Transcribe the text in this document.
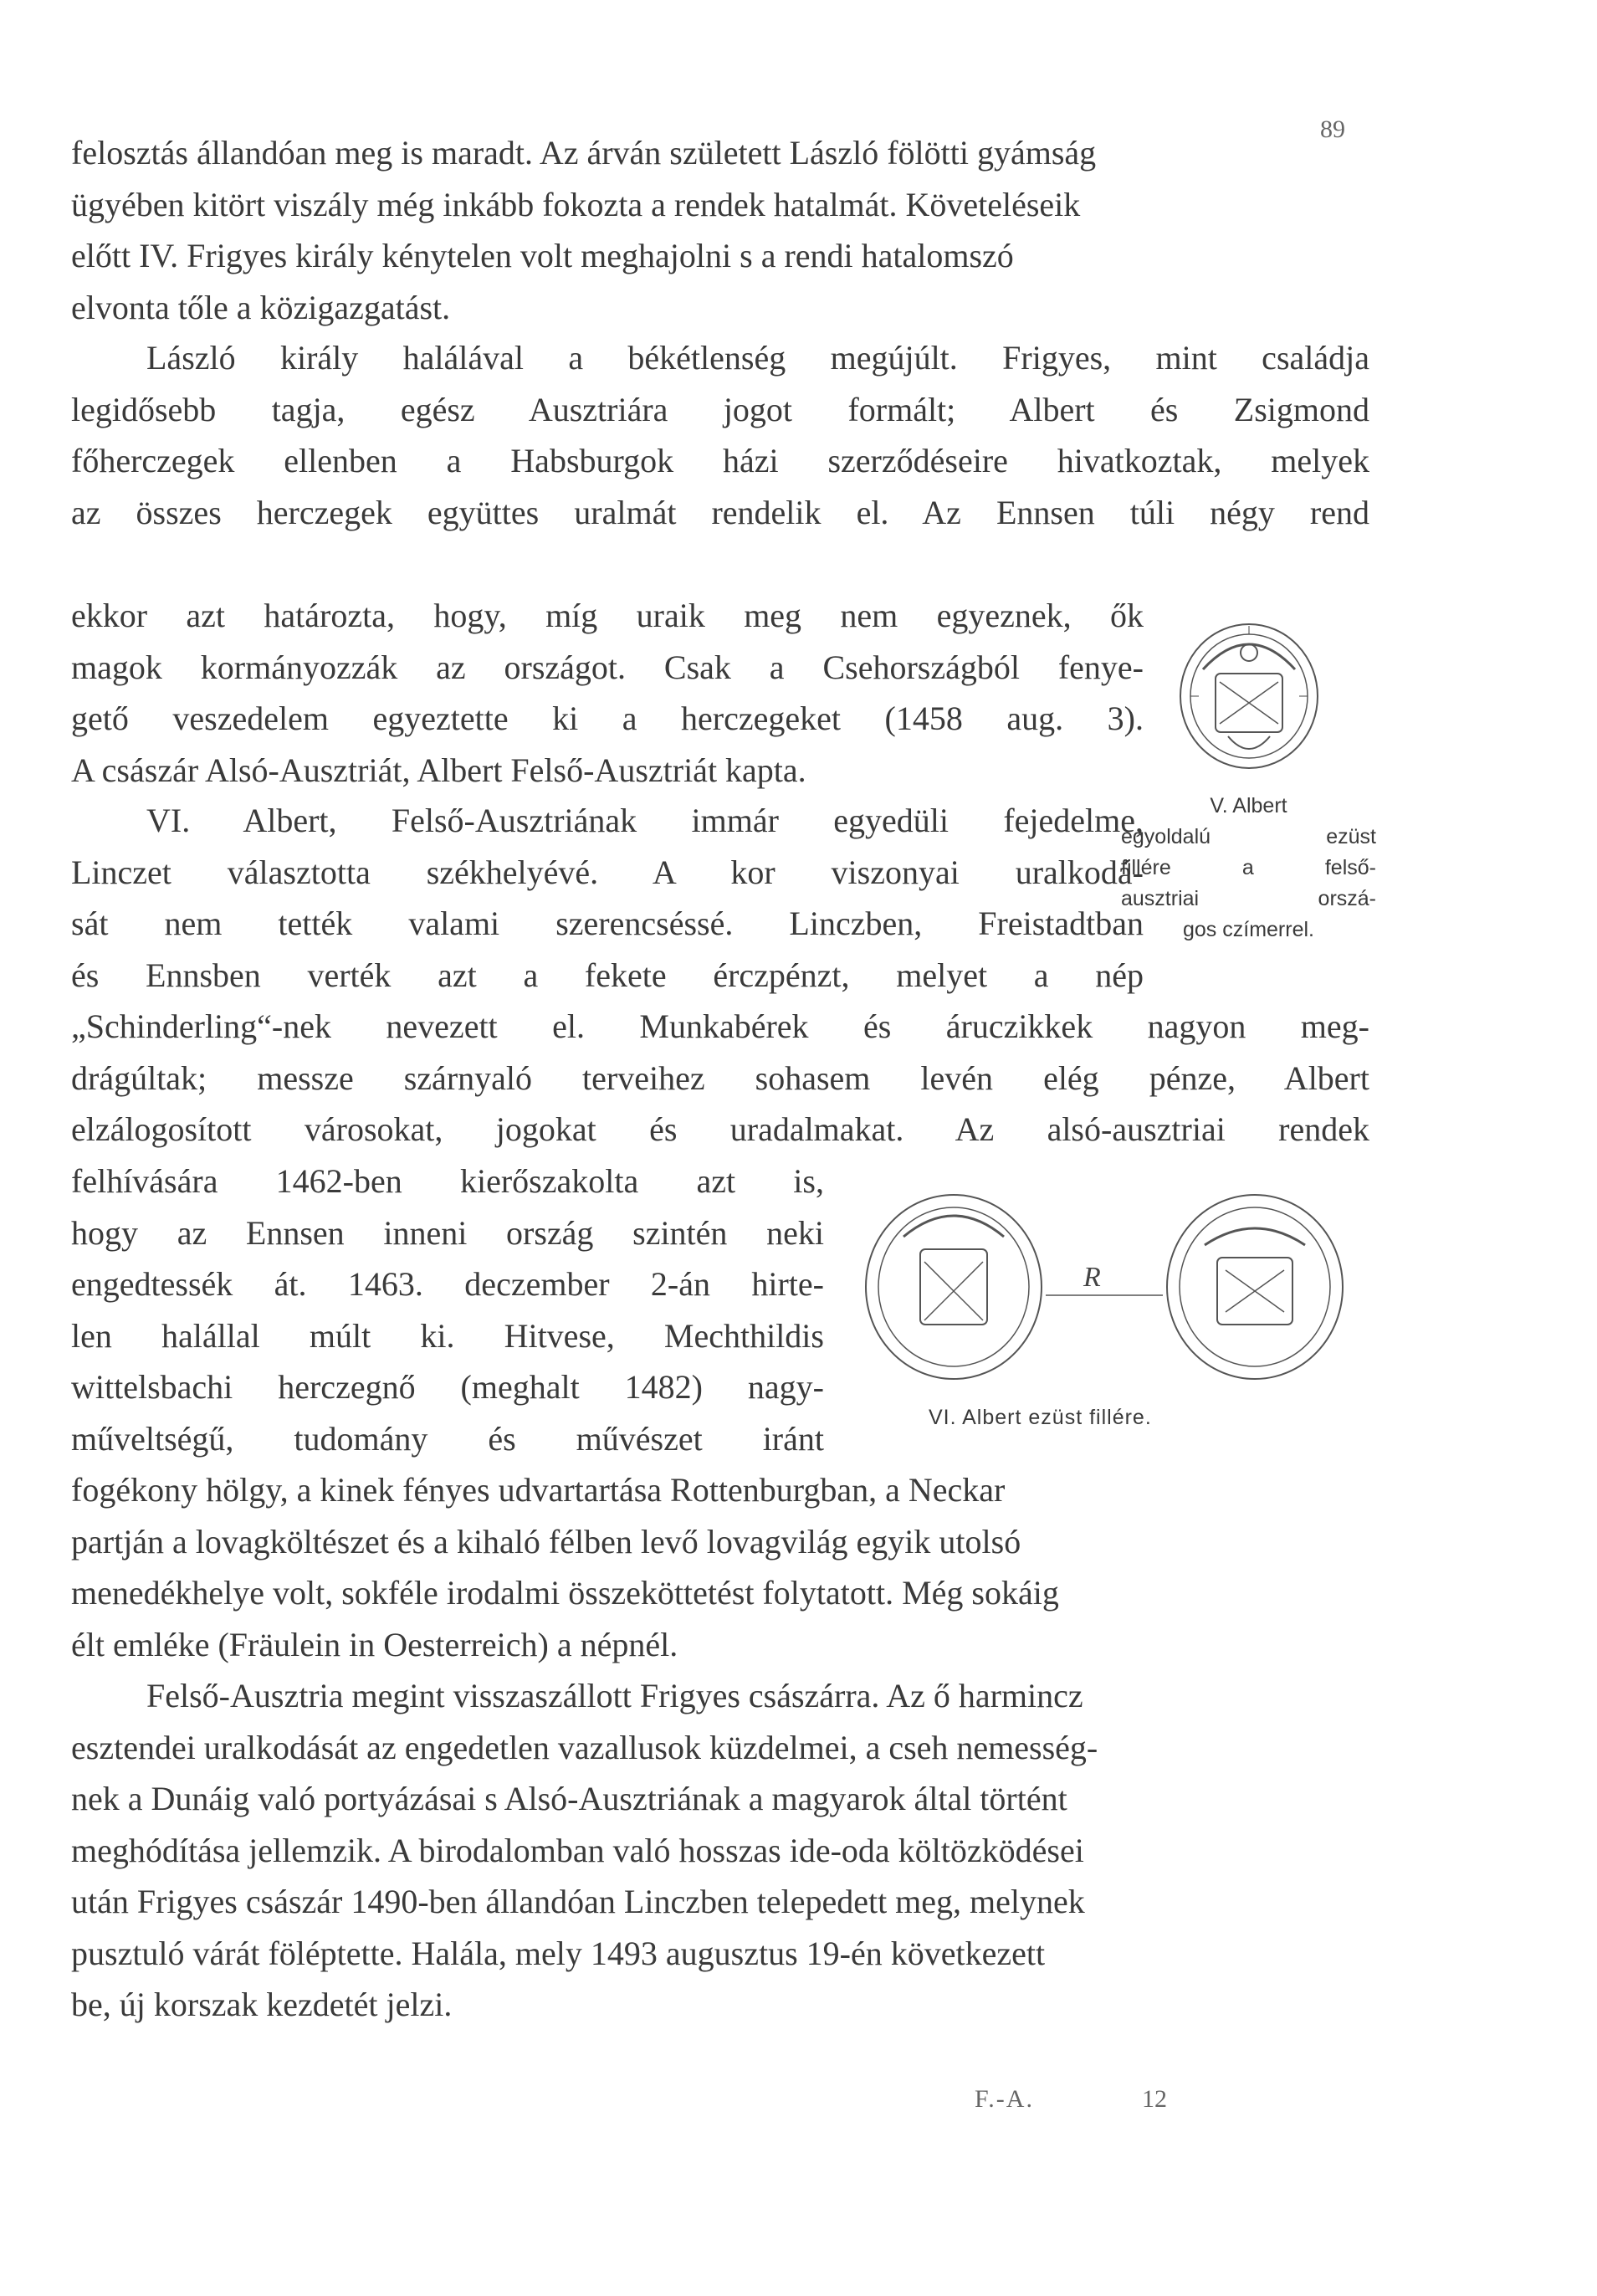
89

felosztás állandóan meg is maradt. Az árván született László fölötti gyámság
ügyében kitört viszály még inkább fokozta a rendek hatalmát. Követeléseik
előtt IV. Frigyes király kénytelen volt meghajolni s a rendi hatalomszó
elvonta tőle a közigazgatást.

László király halálával a békétlenség megújúlt. Frigyes, mint családja
legidősebb tagja, egész Ausztriára jogot formált; Albert és Zsigmond
főherczegek ellenben a Habsburgok házi szerződéseire hivatkoztak, melyek
az összes herczegek együttes uralmát rendelik el. Az Ennsen túli négy rend

ekkor azt határozta, hogy, míg uraik meg nem egyeznek, ők
magok kormányozzák az országot. Csak a Csehországból fenye-
gető veszedelem egyeztette ki a herczegeket (1458 aug. 3).
A császár Alsó-Ausztriát, Albert Felső-Ausztriát kapta.

VI. Albert, Felső-Ausztriának immár egyedüli fejedelme,
Linczet választotta székhelyévé. A kor viszonyai uralkodá-
sát nem tették valami szerencséssé. Linczben, Freistadtban
és Ennsben verték azt a fekete érczpénzt, melyet a nép

„Schinderling“-nek nevezett el. Munkabérek és áruczikkek nagyon meg-
drágúltak; messze szárnyaló terveihez sohasem levén elég pénze, Albert

elzálogosított városokat, jogokat és uradalmakat. Az alsó-ausztriai rendek

felhívására 1462-ben kierőszakolta azt is,
hogy az Ennsen inneni ország szintén neki
engedtessék át. 1463. deczember 2-án hirte-
len halállal múlt ki. Hitvese, Mechthildis
wittelsbachi herczegnő (meghalt 1482) nagy-
műveltségű, tudomány és művészet iránt

fogékony hölgy, a kinek fényes udvartartása Rottenburgban, a Neckar
partján a lovagköltészet és a kihaló félben levő lovagvilág egyik utolsó
menedékhelye volt, sokféle irodalmi összeköttetést folytatott. Még sokáig
élt emléke (Fräulein in Oesterreich) a népnél.

Felső-Ausztria megint visszaszállott Frigyes császárra. Az ő harmincz
esztendei uralkodását az engedetlen vazallusok küzdelmei, a cseh nemesség-
nek a Dunáig való portyázásai s Alsó-Ausztriának a magyarok által történt
meghódítása jellemzik. A birodalomban való hosszas ide-oda költözködései
után Frigyes császár 1490-ben állandóan Linczben telepedett meg, melynek
pusztuló várát föléptette. Halála, mely 1493 augusztus 19-én következett
be, új korszak kezdetét jelzi.

V. Albert
egyoldalú ezüst
fillére a felső-
ausztriai orszá-
gos czímerrel.

R
VI. Albert ezüst fillére.
F.-A.	12
